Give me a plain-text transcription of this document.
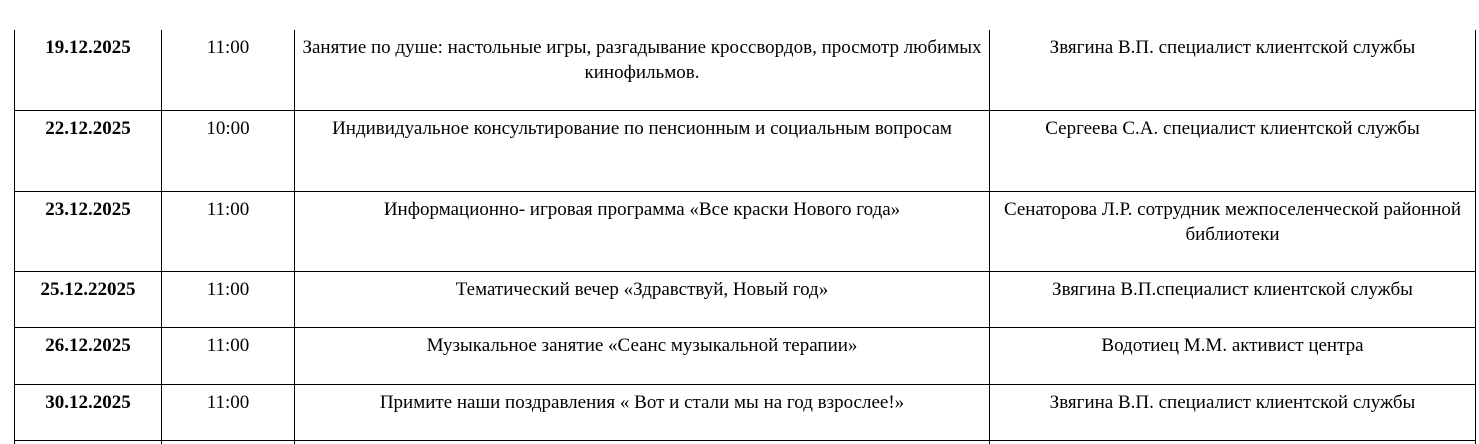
19.12.2025	11:00	Занятие по душе: настольные игры, разгадывание кроссвордов, просмотр любимых кинофильмов.	Звягина В.П. специалист клиентской службы
22.12.2025	10:00	Индивидуальное консультирование по пенсионным и социальным вопросам	Сергеева С.А. специалист клиентской службы
23.12.2025	11:00	Информационно- игровая программа «Все краски Нового года»	Сенаторова Л.Р. сотрудник межпоселенческой районной библиотеки
25.12.22025	11:00	Тематический вечер «Здравствуй, Новый год»	Звягина В.П.специалист клиентской службы
26.12.2025	11:00	Музыкальное занятие «Сеанс музыкальной терапии»	Водотиец М.М. активист центра
30.12.2025	11:00	Примите наши поздравления « Вот и стали мы на год взрослее!»	Звягина В.П. специалист клиентской службы
